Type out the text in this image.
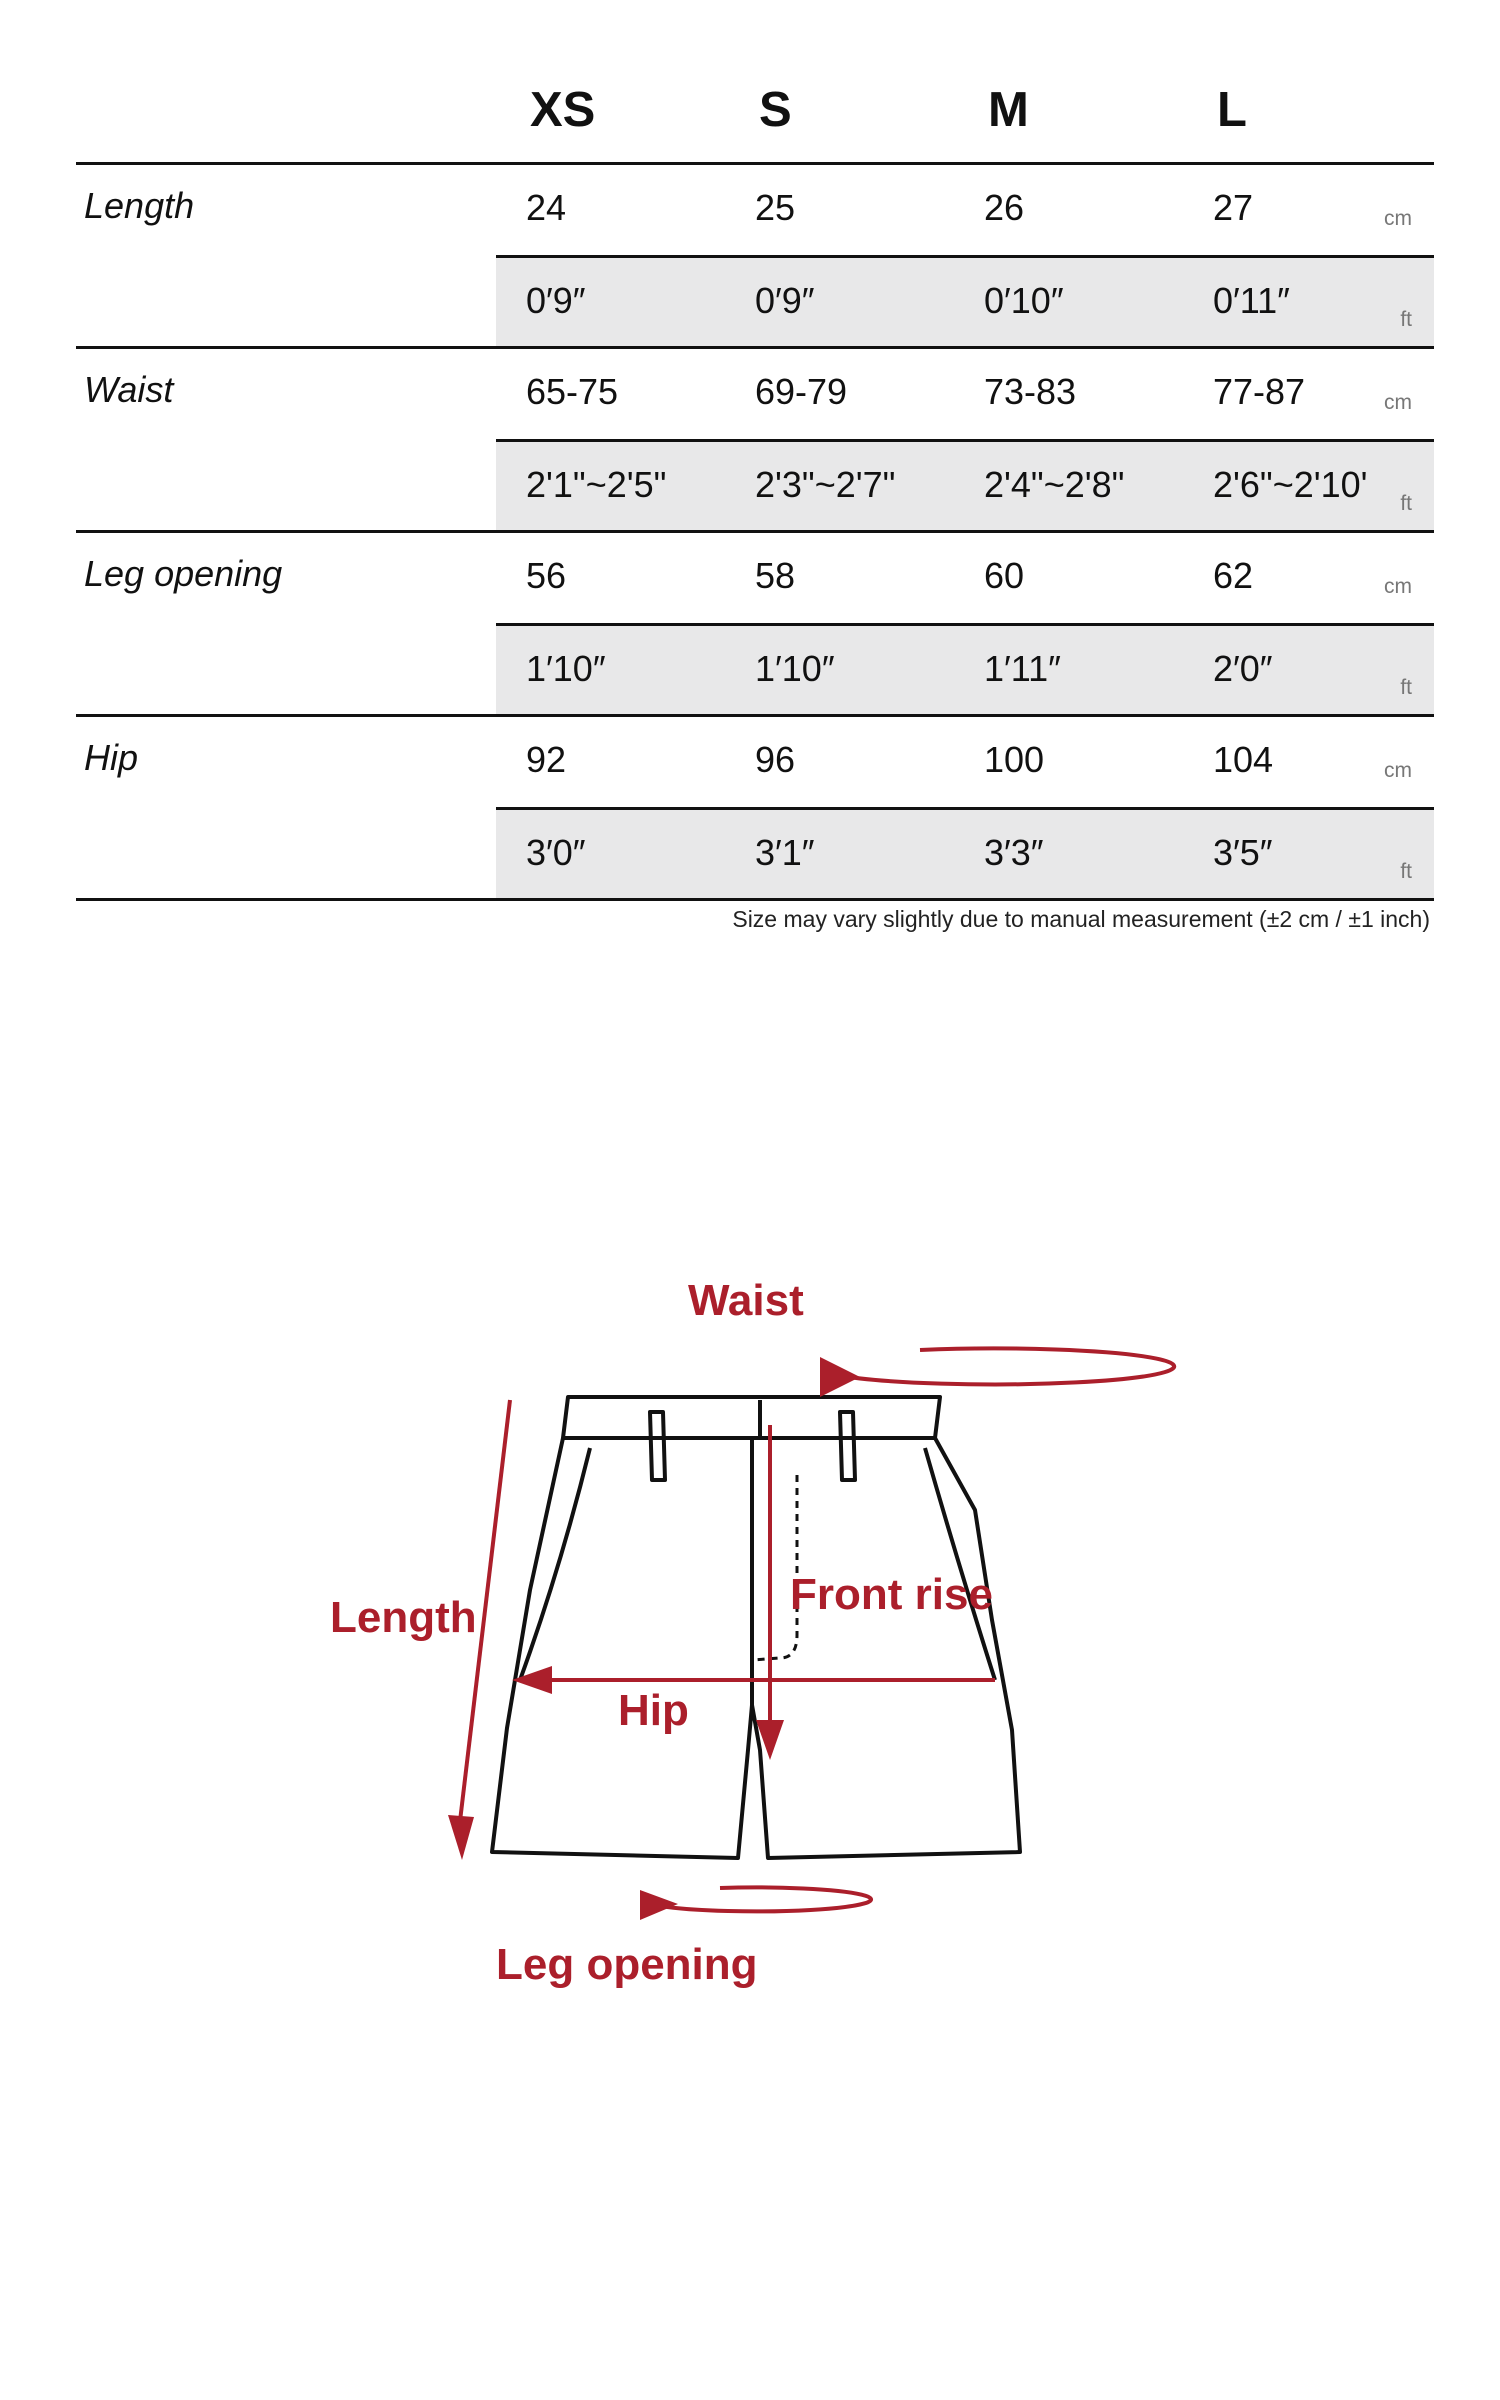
XS	S	M	L
Length	24	25	26	27	cm
0′9″	0′9″	0′10″	0′11″	ft
Waist	65-75	69-79	73-83	77-87	cm
2'1"~2'5" 2'3"~2'7" 2'4"~2'8" 2'6"~2'10' ft
Leg opening	56	58	60	62	cm
1′10″	1′10″	1′11″	2′0″	ft
Hip	92	96	100	104	cm
3′0″	3′1″	3′3″	3′5″	ft
Size may vary slightly due to manual measurement (±2 cm / ±1 inch)
Waist
Length	Front rise
Hip
Leg opening
